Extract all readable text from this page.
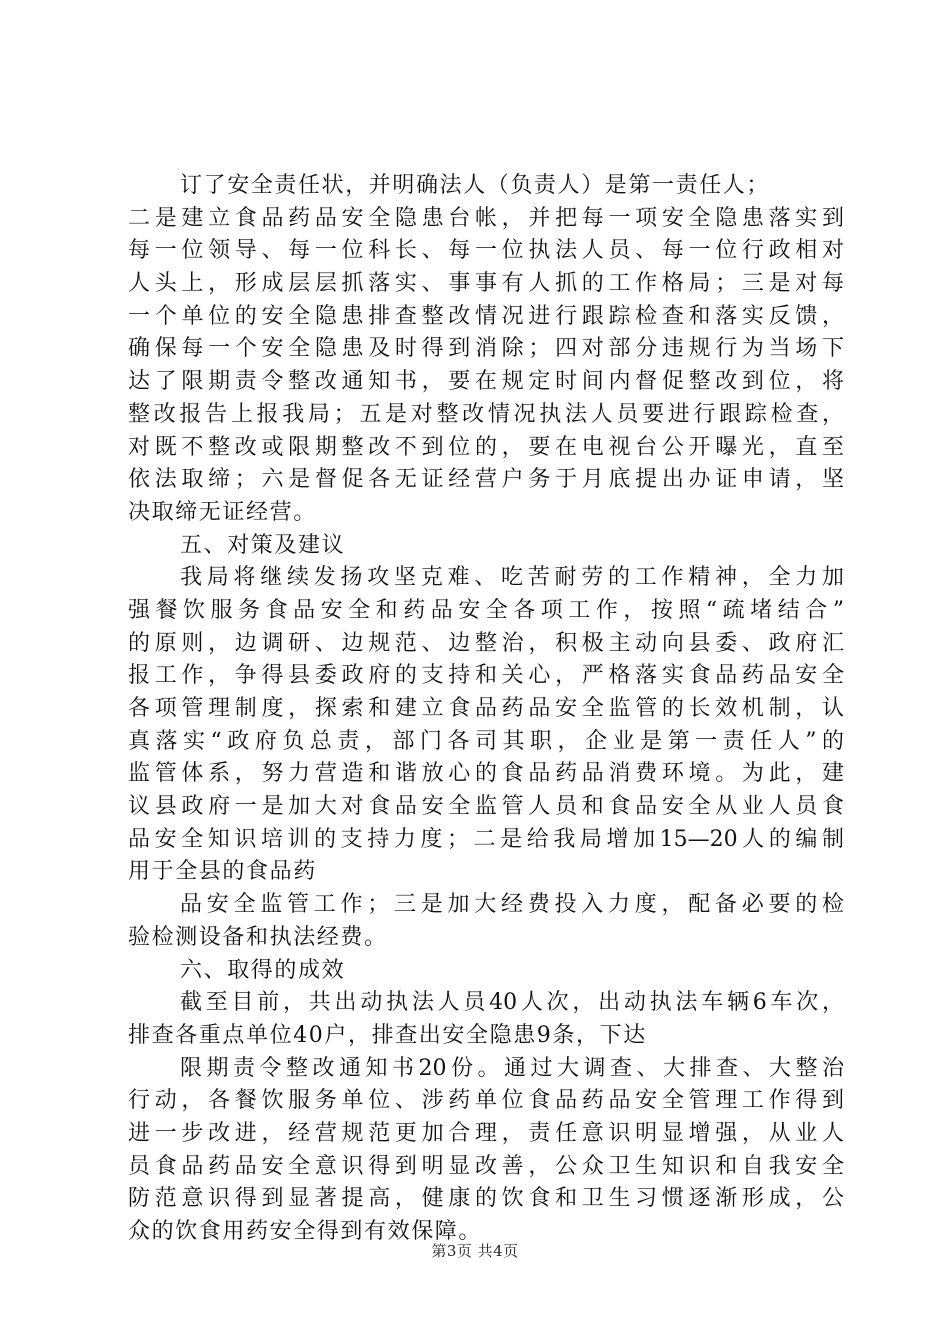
订了安全责任状，并明确法人（负责人）是第一责任人；
二是建立食品药品安全隐患台帐，并把每一项安全隐患落实到
每一位领导、每一位科长、每一位执法人员、每一位行政相对
人头上，形成层层抓落实、事事有人抓的工作格局；三是对每
一个单位的安全隐患排查整改情况进行跟踪检查和落实反馈，
确保每一个安全隐患及时得到消除；四对部分违规行为当场下
达了限期责令整改通知书，要在规定时间内督促整改到位，将
整改报告上报我局；五是对整改情况执法人员要进行跟踪检查，
对既不整改或限期整改不到位的，要在电视台公开曝光，直至
依法取缔；六是督促各无证经营户务于月底提出办证申请，坚
决取缔无证经营。
五、对策及建议
我局将继续发扬攻坚克难、吃苦耐劳的工作精神，全力加
强餐饮服务食品安全和药品安全各项工作，按照“疏堵结合”
的原则，边调研、边规范、边整治，积极主动向县委、政府汇
报工作，争得县委政府的支持和关心，严格落实食品药品安全
各项管理制度，探索和建立食品药品安全监管的长效机制，认
真落实“政府负总责，部门各司其职，企业是第一责任人”的
监管体系，努力营造和谐放心的食品药品消费环境。为此，建
议县政府一是加大对食品安全监管人员和食品安全从业人员食
品安全知识培训的支持力度；二是给我局增加15—20人的编制
用于全县的食品药
品安全监管工作；三是加大经费投入力度，配备必要的检
验检测设备和执法经费。
六、取得的成效
截至目前，共出动执法人员40人次，出动执法车辆6车次，
排查各重点单位40户，排查出安全隐患9条，下达
限期责令整改通知书20份。通过大调查、大排查、大整治
行动，各餐饮服务单位、涉药单位食品药品安全管理工作得到
进一步改进，经营规范更加合理，责任意识明显增强，从业人
员食品药品安全意识得到明显改善，公众卫生知识和自我安全
防范意识得到显著提高，健康的饮食和卫生习惯逐渐形成，公
众的饮食用药安全得到有效保障。
第3页 共4页
